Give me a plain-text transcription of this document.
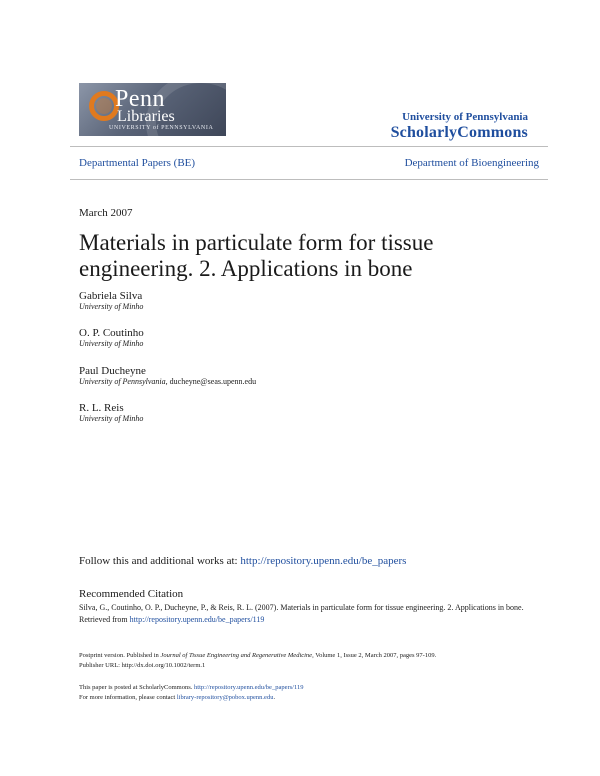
Penn
Libraries
UNIVERSITY of PENNSYLVANIA
University of Pennsylvania
ScholarlyCommons
Departmental Papers (BE)	Department of Bioengineering
March 2007
Materials in particulate form for tissue engineering. 2. Applications in bone
Gabriela Silva
University of Minho
O. P. Coutinho
University of Minho
Paul Ducheyne
University of Pennsylvania, ducheyne@seas.upenn.edu
R. L. Reis
University of Minho
Follow this and additional works at: http://repository.upenn.edu/be_papers
Recommended Citation
Silva, G., Coutinho, O. P., Ducheyne, P., & Reis, R. L. (2007). Materials in particulate form for tissue engineering. 2. Applications in bone. Retrieved from http://repository.upenn.edu/be_papers/119
Postprint version. Published in Journal of Tissue Engineering and Regenerative Medicine, Volume 1, Issue 2, March 2007, pages 97-109.
Publisher URL: http://dx.doi.org/10.1002/term.1
This paper is posted at ScholarlyCommons. http://repository.upenn.edu/be_papers/119
For more information, please contact library-repository@pobox.upenn.edu.
